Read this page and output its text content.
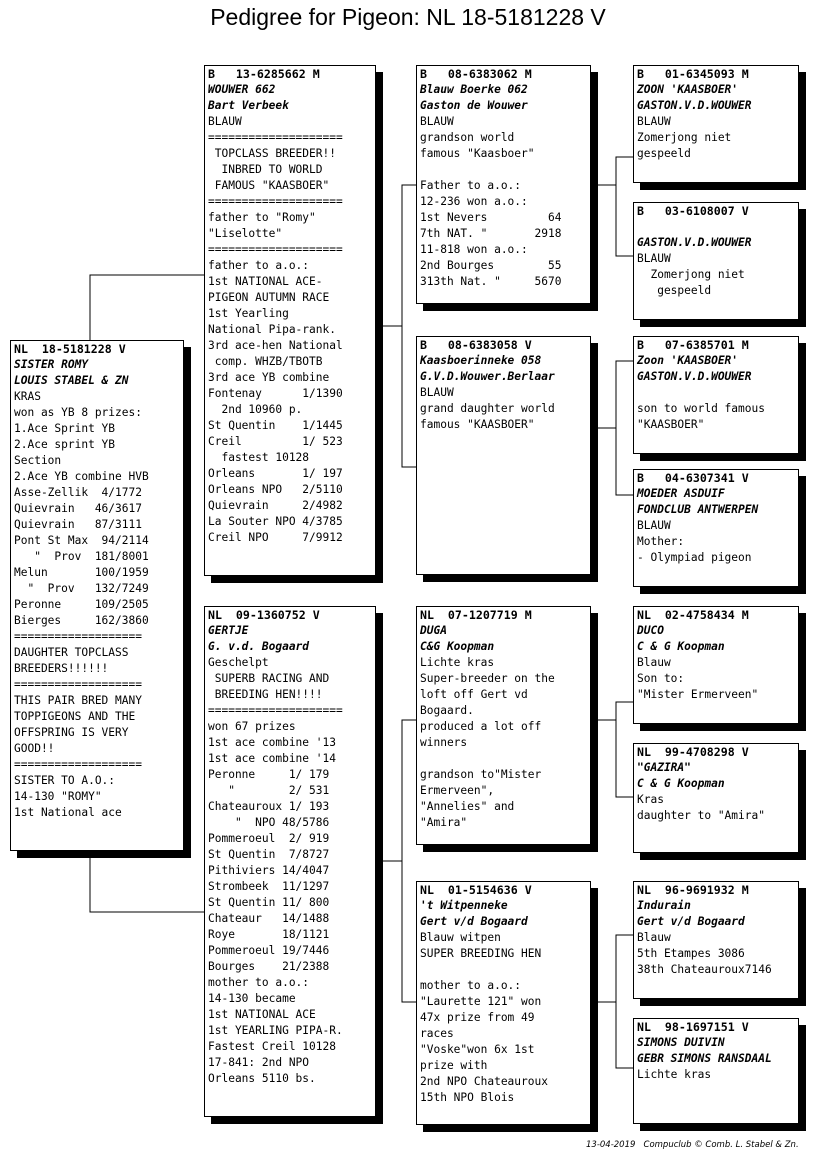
Pedigree for Pigeon: NL 18-5181228 V
NL  18-5181228 V
SISTER ROMY
LOUIS STABEL & ZN
KRAS
won as YB 8 prizes:
1.Ace Sprint YB
2.Ace sprint YB
Section
2.Ace YB combine HVB
Asse-Zellik  4/1772
Quievrain   46/3617
Quievrain   87/3111
Pont St Max  94/2114
"  Prov  181/8001
Melun       100/1959
"  Prov   132/7249
Peronne     109/2505
Bierges     162/3860
===================
DAUGHTER TOPCLASS
BREEDERS!!!!!!
===================
THIS PAIR BRED MANY
TOPPIGEONS AND THE
OFFSPRING IS VERY
GOOD!!
===================
SISTER TO A.O.:
14-130 "ROMY"
1st National ace
B   13-6285662 M
WOUWER 662
Bart Verbeek
BLAUW
====================
TOPCLASS BREEDER!!
INBRED TO WORLD
FAMOUS "KAASBOER"
====================
father to "Romy"
"Liselotte"
====================
father to a.o.:
1st NATIONAL ACE-
PIGEON AUTUMN RACE
1st Yearling
National Pipa-rank.
3rd ace-hen National
comp. WHZB/TBOTB
3rd ace YB combine
Fontenay      1/1390
2nd 10960 p.
St Quentin    1/1445
Creil         1/ 523
fastest 10128
Orleans       1/ 197
Orleans NPO   2/5110
Quievrain     2/4982
La Souter NPO 4/3785
Creil NPO     7/9912
NL  09-1360752 V
GERTJE
G. v.d. Bogaard
Geschelpt
SUPERB RACING AND
BREEDING HEN!!!!
====================
won 67 prizes
1st ace combine '13
1st ace combine '14
Peronne     1/ 179
"        2/ 531
Chateauroux 1/ 193
"  NPO 48/5786
Pommeroeul  2/ 919
St Quentin  7/8727
Pithiviers 14/4047
Strombeek  11/1297
St Quentin 11/ 800
Chateaur   14/1488
Roye       18/1121
Pommeroeul 19/7446
Bourges    21/2388
mother to a.o.:
14-130 became
1st NATIONAL ACE
1st YEARLING PIPA-R.
Fastest Creil 10128
17-841: 2nd NPO
Orleans 5110 bs.
B   08-6383062 M
Blauw Boerke 062
Gaston de Wouwer
BLAUW
grandson world
famous "Kaasboer"
Father to a.o.:
12-236 won a.o.:
1st Nevers         64
7th NAT. "       2918
11-818 won a.o.:
2nd Bourges        55
313th Nat. "     5670
B   08-6383058 V
Kaasboerinneke 058
G.V.D.Wouwer.Berlaar
BLAUW
grand daughter world
famous "KAASBOER"
NL  07-1207719 M
DUGA
C&G Koopman
Lichte kras
Super-breeder on the
loft off Gert vd
Bogaard.
produced a lot off
winners
grandson to"Mister
Ermerveen",
"Annelies" and
"Amira"
NL  01-5154636 V
't Witpenneke
Gert v/d Bogaard
Blauw witpen
SUPER BREEDING HEN
mother to a.o.:
"Laurette 121" won
47x prize from 49
races
"Voske"won 6x 1st
prize with
2nd NPO Chateauroux
15th NPO Blois
B   01-6345093 M
ZOON 'KAASBOER'
GASTON.V.D.WOUWER
BLAUW
Zomerjong niet
gespeeld
B   03-6108007 V
GASTON.V.D.WOUWER
BLAUW
Zomerjong niet
gespeeld
B   07-6385701 M
Zoon 'KAASBOER'
GASTON.V.D.WOUWER
son to world famous
"KAASBOER"
B   04-6307341 V
MOEDER ASDUIF
FONDCLUB ANTWERPEN
BLAUW
Mother:
- Olympiad pigeon
NL  02-4758434 M
DUCO
C & G Koopman
Blauw
Son to:
"Mister Ermerveen"
NL  99-4708298 V
"GAZIRA"
C & G Koopman
Kras
daughter to "Amira"
NL  96-9691932 M
Indurain
Gert v/d Bogaard
Blauw
5th Etampes 3086
38th Chateauroux7146
NL  98-1697151 V
SIMONS DUIVIN
GEBR SIMONS RANSDAAL
Lichte kras
13-04-2019   Compuclub © Comb. L. Stabel & Zn.
